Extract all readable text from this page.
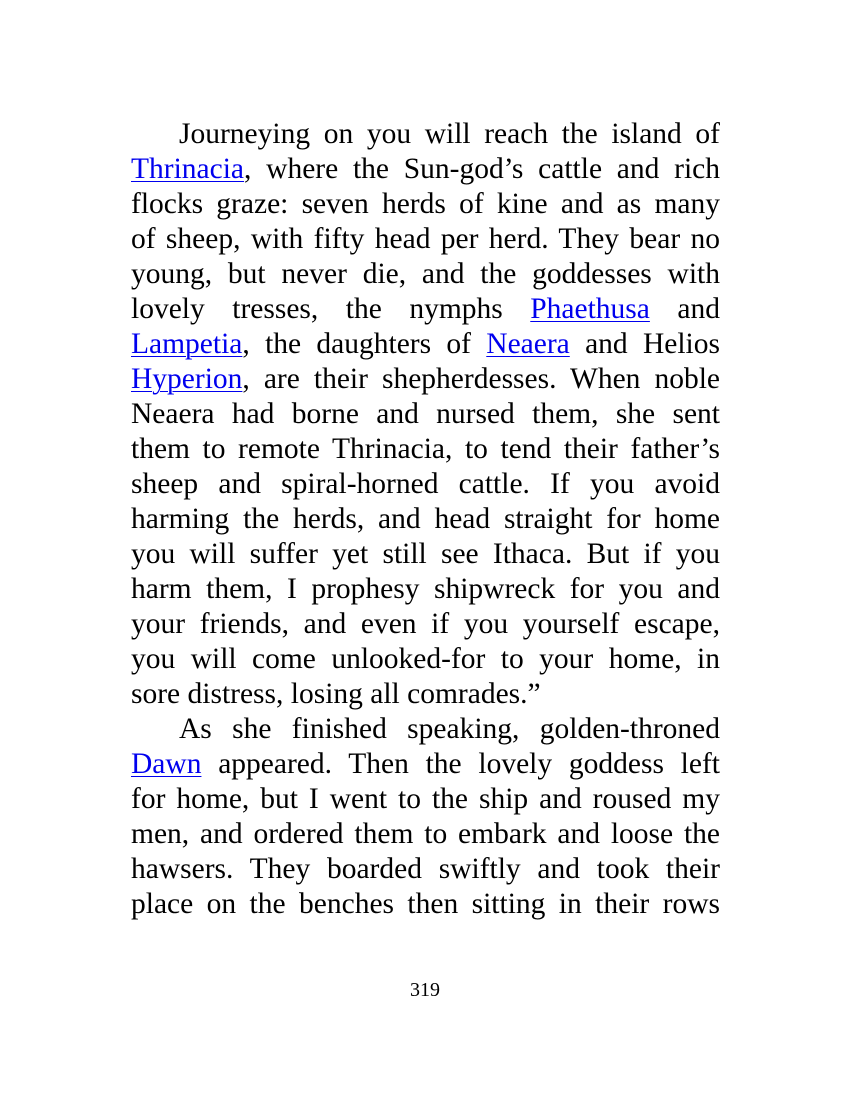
Journeying on you will reach the island of
Thrinacia, where the Sun-god’s cattle and rich
flocks graze: seven herds of kine and as many
of sheep, with fifty head per herd. They bear no
young, but never die, and the goddesses with
lovely tresses, the nymphs Phaethusa and
Lampetia, the daughters of Neaera and Helios
Hyperion, are their shepherdesses. When noble
Neaera had borne and nursed them, she sent
them to remote Thrinacia, to tend their father’s
sheep and spiral-horned cattle. If you avoid
harming the herds, and head straight for home
you will suffer yet still see Ithaca. But if you
harm them, I prophesy shipwreck for you and
your friends, and even if you yourself escape,
you will come unlooked-for to your home, in
sore distress, losing all comrades.”
As she finished speaking, golden-throned
Dawn appeared. Then the lovely goddess left
for home, but I went to the ship and roused my
men, and ordered them to embark and loose the
hawsers. They boarded swiftly and took their
place on the benches then sitting in their rows
319
